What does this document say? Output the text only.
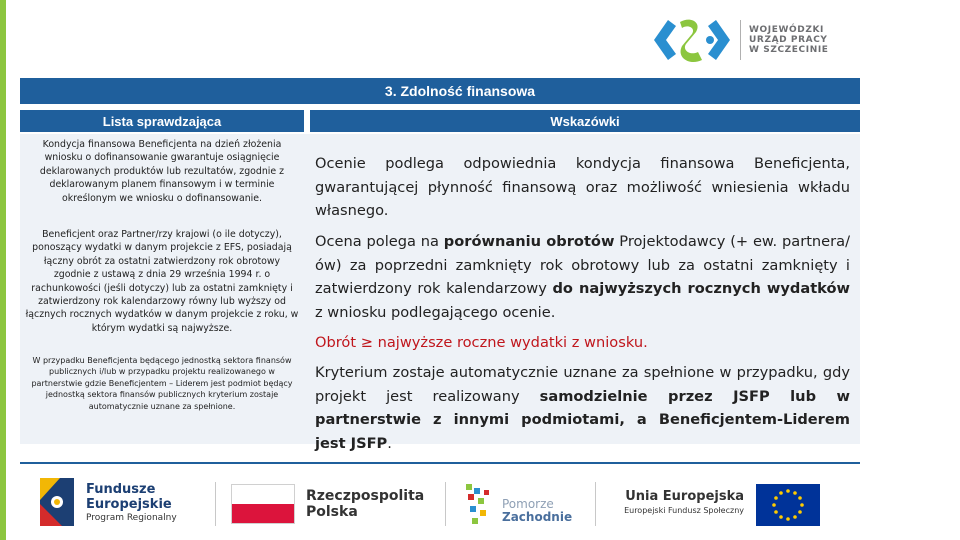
WOJEWÓDZKI
URZĄD PRACY
W SZCZECINIE
3. Zdolność finansowa
Lista sprawdzająca	Wskazówki
Kondycja finansowa Beneficjenta na dzień złożenia wniosku o dofinansowanie gwarantuje osiągnięcie deklarowanych produktów lub rezultatów, zgodnie z deklarowanym planem finansowym i w terminie określonym we wniosku o dofinansowanie.
Beneficjent oraz Partner/rzy krajowi (o ile dotyczy), ponoszący wydatki w danym projekcie z EFS, posiadają łączny obrót za ostatni zatwierdzony rok obrotowy zgodnie z ustawą z dnia 29 września 1994 r. o rachunkowości (jeśli dotyczy) lub za ostatni zamknięty i zatwierdzony rok kalendarzowy równy lub wyższy od łącznych rocznych wydatków w danym projekcie z roku, w którym wydatki są najwyższe.
W przypadku Beneficjenta będącego jednostką sektora finansów publicznych i/lub w przypadku projektu realizowanego w partnerstwie gdzie Beneficjentem – Liderem jest podmiot będący jednostką sektora finansów publicznych kryterium zostaje automatycznie uznane za spełnione.
Ocenie podlega odpowiednia kondycja finansowa Beneficjenta, gwarantującej płynność finansową oraz możliwość wniesienia wkładu własnego.
Ocena polega na porównaniu obrotów Projektodawcy (+ ew. partnera/ów) za poprzedni zamknięty rok obrotowy lub za ostatni zamknięty i zatwierdzony rok kalendarzowy do najwyższych rocznych wydatków z wniosku podlegającego ocenie.
Obrót ≥ najwyższe roczne wydatki z wniosku.
Kryterium zostaje automatycznie uznane za spełnione w przypadku, gdy projekt jest realizowany samodzielnie przez JSFP lub w partnerstwie z innymi podmiotami, a Beneficjentem-Liderem jest JSFP.
Fundusze
Europejskie
Program Regionalny
Rzeczpospolita
Polska	Pomorze
Zachodnie
Unia Europejska
Europejski Fundusz Społeczny
